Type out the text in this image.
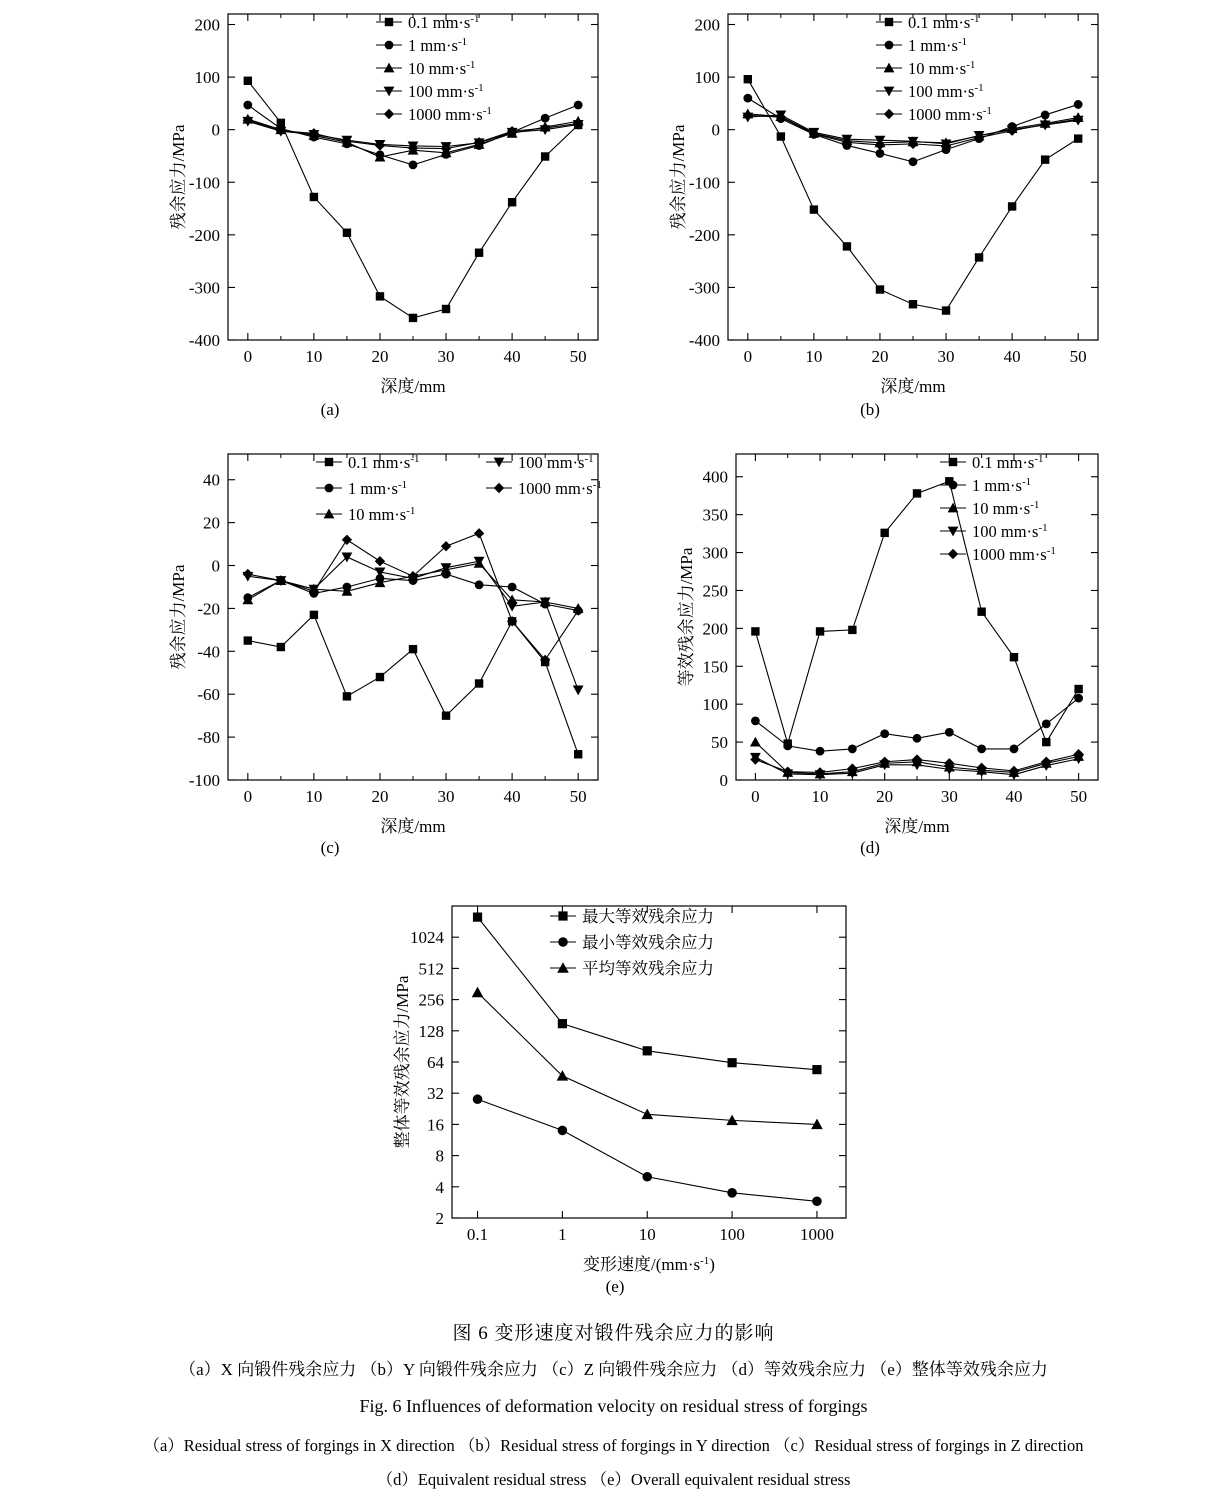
0	10	20	30	40	50
-400
-300
-200
-100
0
100
200
深度/mm
残余应力/MPa
0.1 $mm\cdot s^{-1}$
1 $mm\cdot s^{-1}$
10 $mm\cdot s^{-1}$
100 $mm\cdot s^{-1}$
1000 $mm\cdot s^{-1}$
(a)
0	10	20	30	40	50
-400
-300
-200
-100
0
100
200
深度/mm
残余应力/MPa
0.1 $mm\cdot s^{-1}$
1 $mm\cdot s^{-1}$
10 $mm\cdot s^{-1}$
100 $mm\cdot s^{-1}$
1000 $mm\cdot s^{-1}$
(b)
0	10	20	30	40	50
-100
-80
-60
-40
-20
0
20
40
深度/mm
残余应力/MPa
0.1 $mm\cdot s^{-1}$
1 $mm\cdot s^{-1}$
10 $mm\cdot s^{-1}$
100 $mm\cdot s^{-1}$
1000 $mm\cdot s^{-1}$
(c)
0	10	20	30	40	50
0
50
100
150
200
250
300
350
400
深度/mm
等效残余应力/MPa
0.1 $mm\cdot s^{-1}$
1 $mm\cdot s^{-1}$
10 $mm\cdot s^{-1}$
100 $mm\cdot s^{-1}$
1000 $mm\cdot s^{-1}$
(d)
0.1	1	10	100	1000
2
4
8
16
32
64
128
256
512
1024
变形速度$/(mm\cdot s^{-1})$
整体等效残余应力/MPa
最大等效残余应力
最小等效残余应力
平均等效残余应力
(e)
图 6 变形速度对锻件残余应力的影响
（a）X 向锻件残余应力 （b）Y 向锻件残余应力 （c）Z 向锻件残余应力 （d）等效残余应力 （e）整体等效残余应力
Fig. 6 Influences of deformation velocity on residual stress of forgings
（a）Residual stress of forgings in X direction （b）Residual stress of forgings in Y direction （c）Residual stress of forgings in Z direction
（d）Equivalent residual stress （e）Overall equivalent residual stress
